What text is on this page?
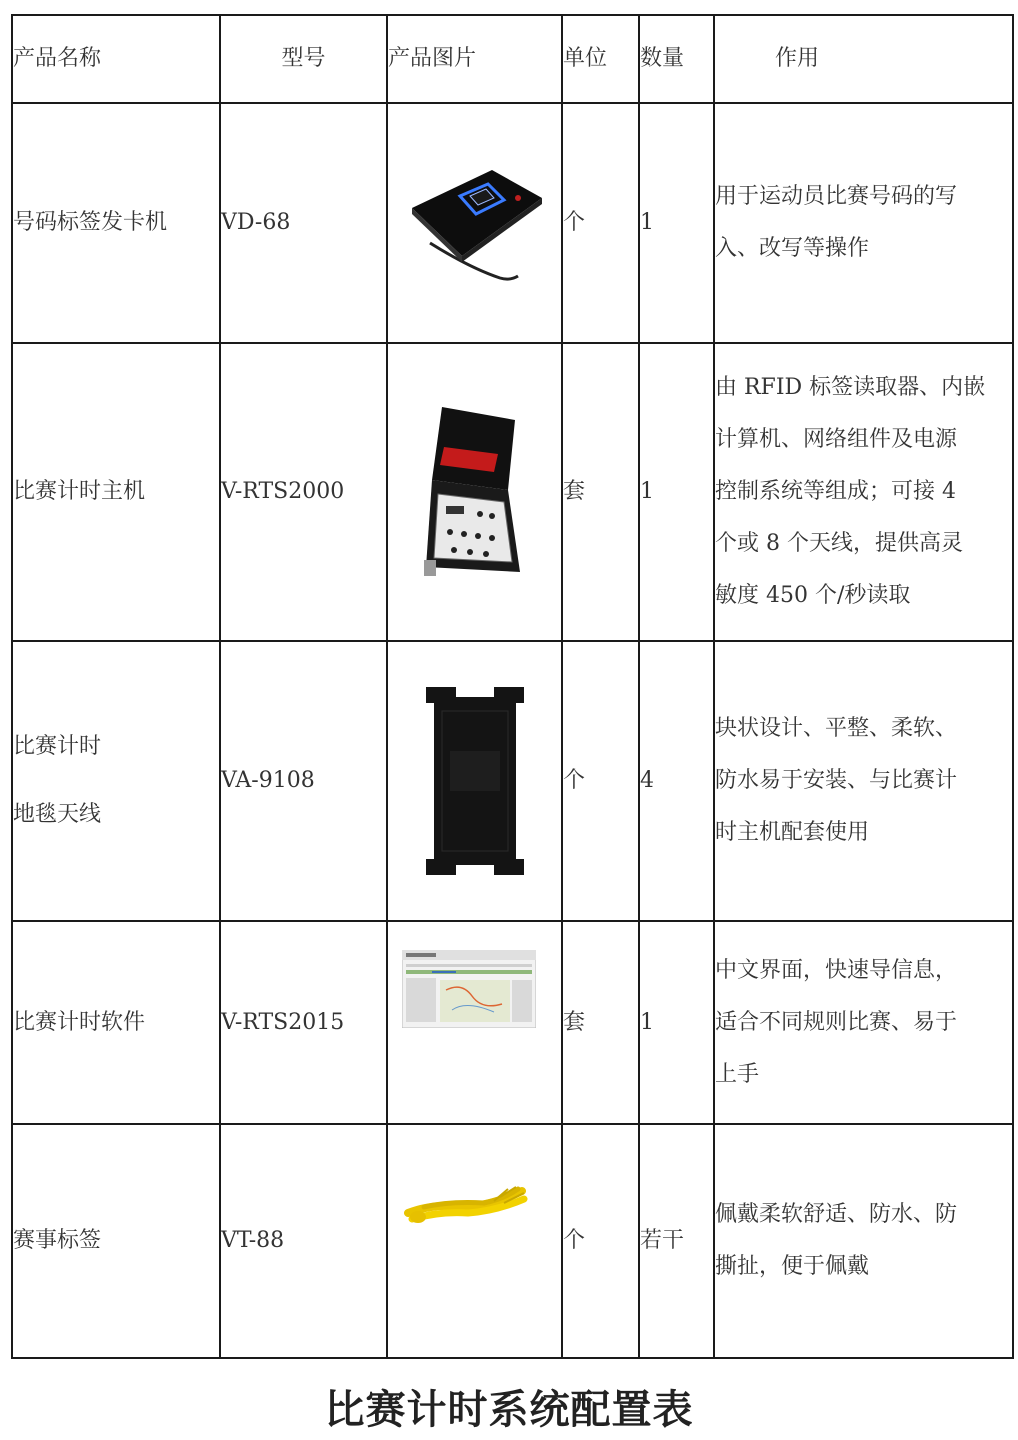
产品名称	型号	产品图片	单位	数量	作用

号码标签发卡机	VD-68		个	1	用于运动员比赛号码的写
入、改写等操作

比赛计时主机	V-RTS2000		套	1	由 RFID 标签读取器、内嵌
计算机、网络组件及电源
控制系统等组成；可接 4
个或 8 个天线，提供高灵
敏度 450 个/秒读取

比赛计时
地毯天线	VA-9108		个	4	块状设计、平整、柔软、
防水易于安装、与比赛计
时主机配套使用

比赛计时软件	V-RTS2015		套	1	中文界面，快速导信息，
适合不同规则比赛、易于
上手

赛事标签	VT-88		个	若干	佩戴柔软舒适、防水、防
撕扯，便于佩戴
比赛计时系统配置表
